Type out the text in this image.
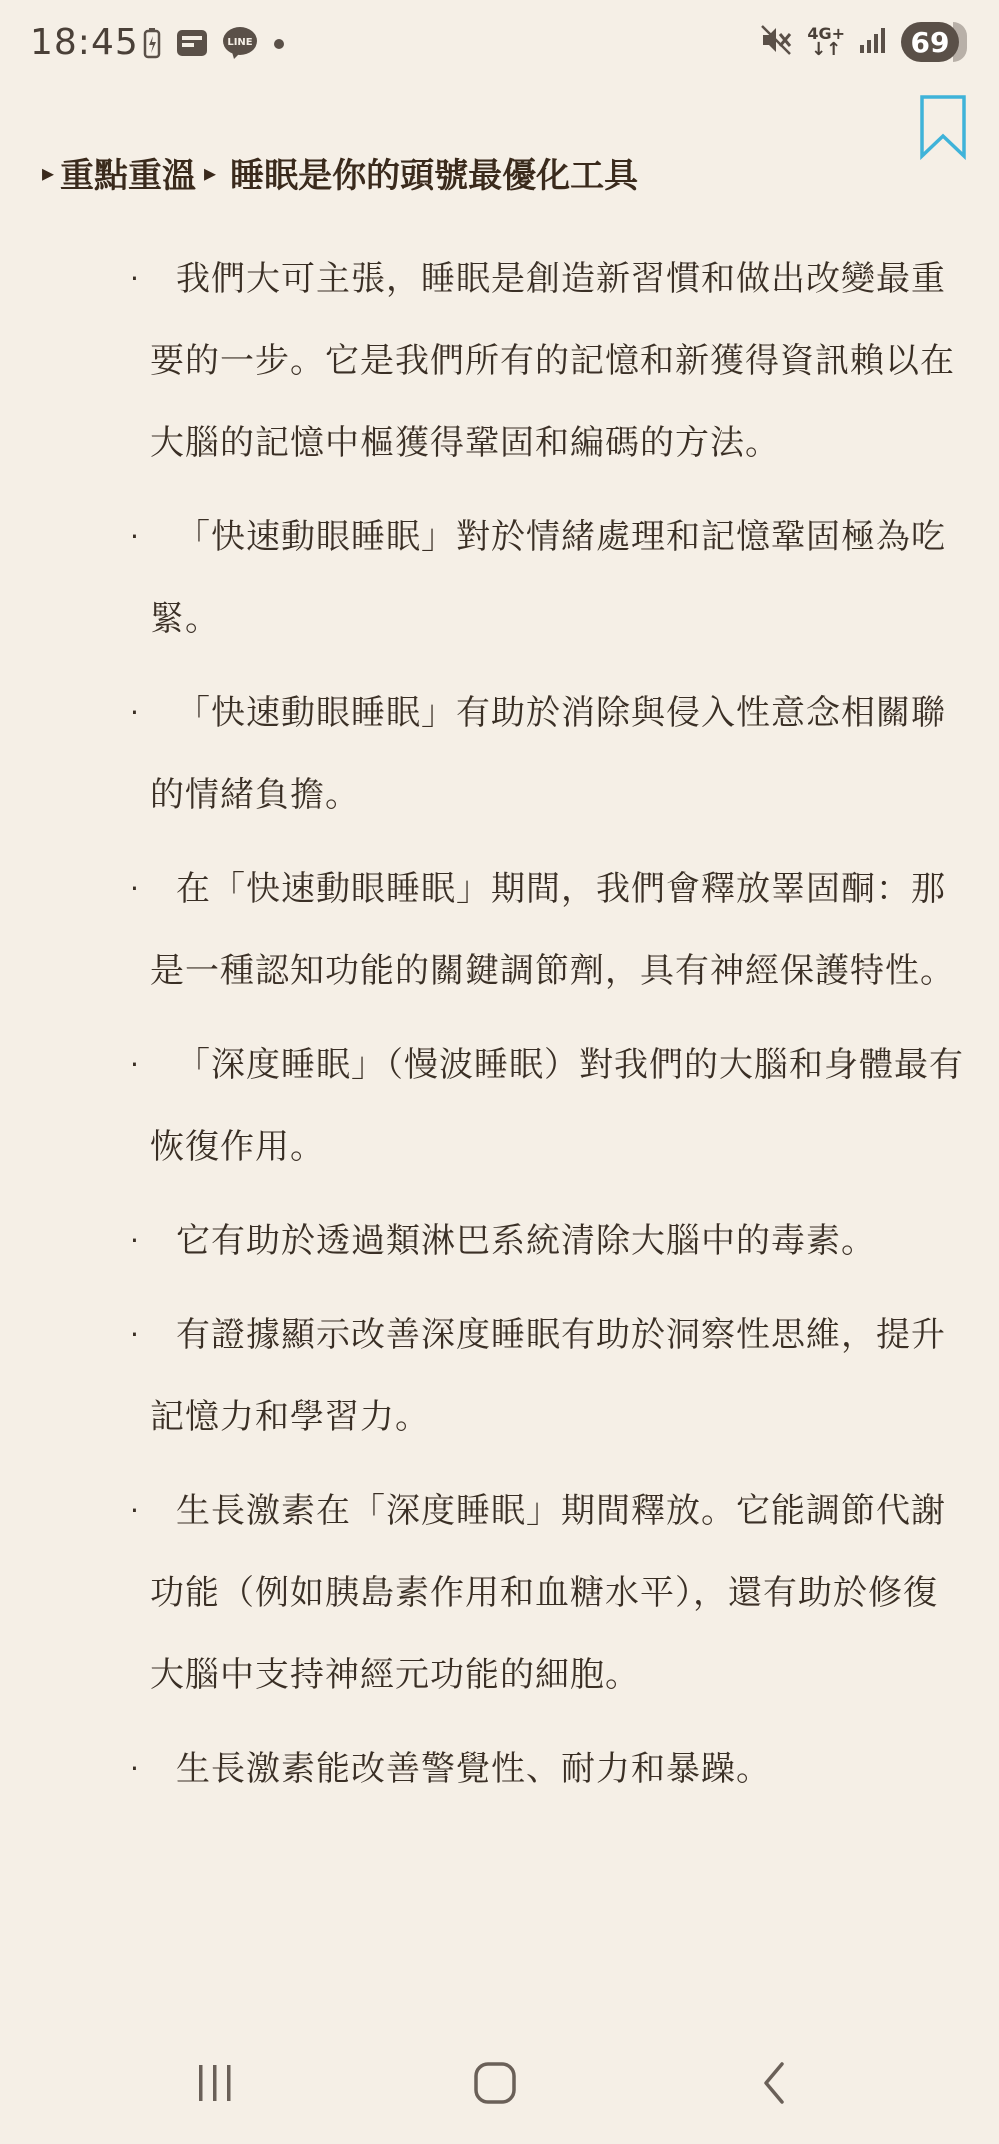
18:45	LINE	4G+
↓↑ 69
▸ 重點重溫 ▸ 睡眠是你的頭號最優化工具
·	我們大可主張，睡眠是創造新習慣和做出改變最重要的一步。它是我們所有的記憶和新獲得資訊賴以在大腦的記憶中樞獲得鞏固和編碼的方法。
·	「快速動眼睡眠」對於情緒處理和記憶鞏固極為吃緊。
·	「快速動眼睡眠」有助於消除與侵入性意念相關聯的情緒負擔。
·	在「快速動眼睡眠」期間，我們會釋放睪固酮：那是一種認知功能的關鍵調節劑，具有神經保護特性。
·	「深度睡眠」（慢波睡眠）對我們的大腦和身體最有恢復作用。
·	它有助於透過類淋巴系統清除大腦中的毒素。
·	有證據顯示改善深度睡眠有助於洞察性思維，提升記憶力和學習力。
·	生長激素在「深度睡眠」期間釋放。它能調節代謝功能（例如胰島素作用和血糖水平），還有助於修復大腦中支持神經元功能的細胞。
·	生長激素能改善警覺性、耐力和暴躁。
